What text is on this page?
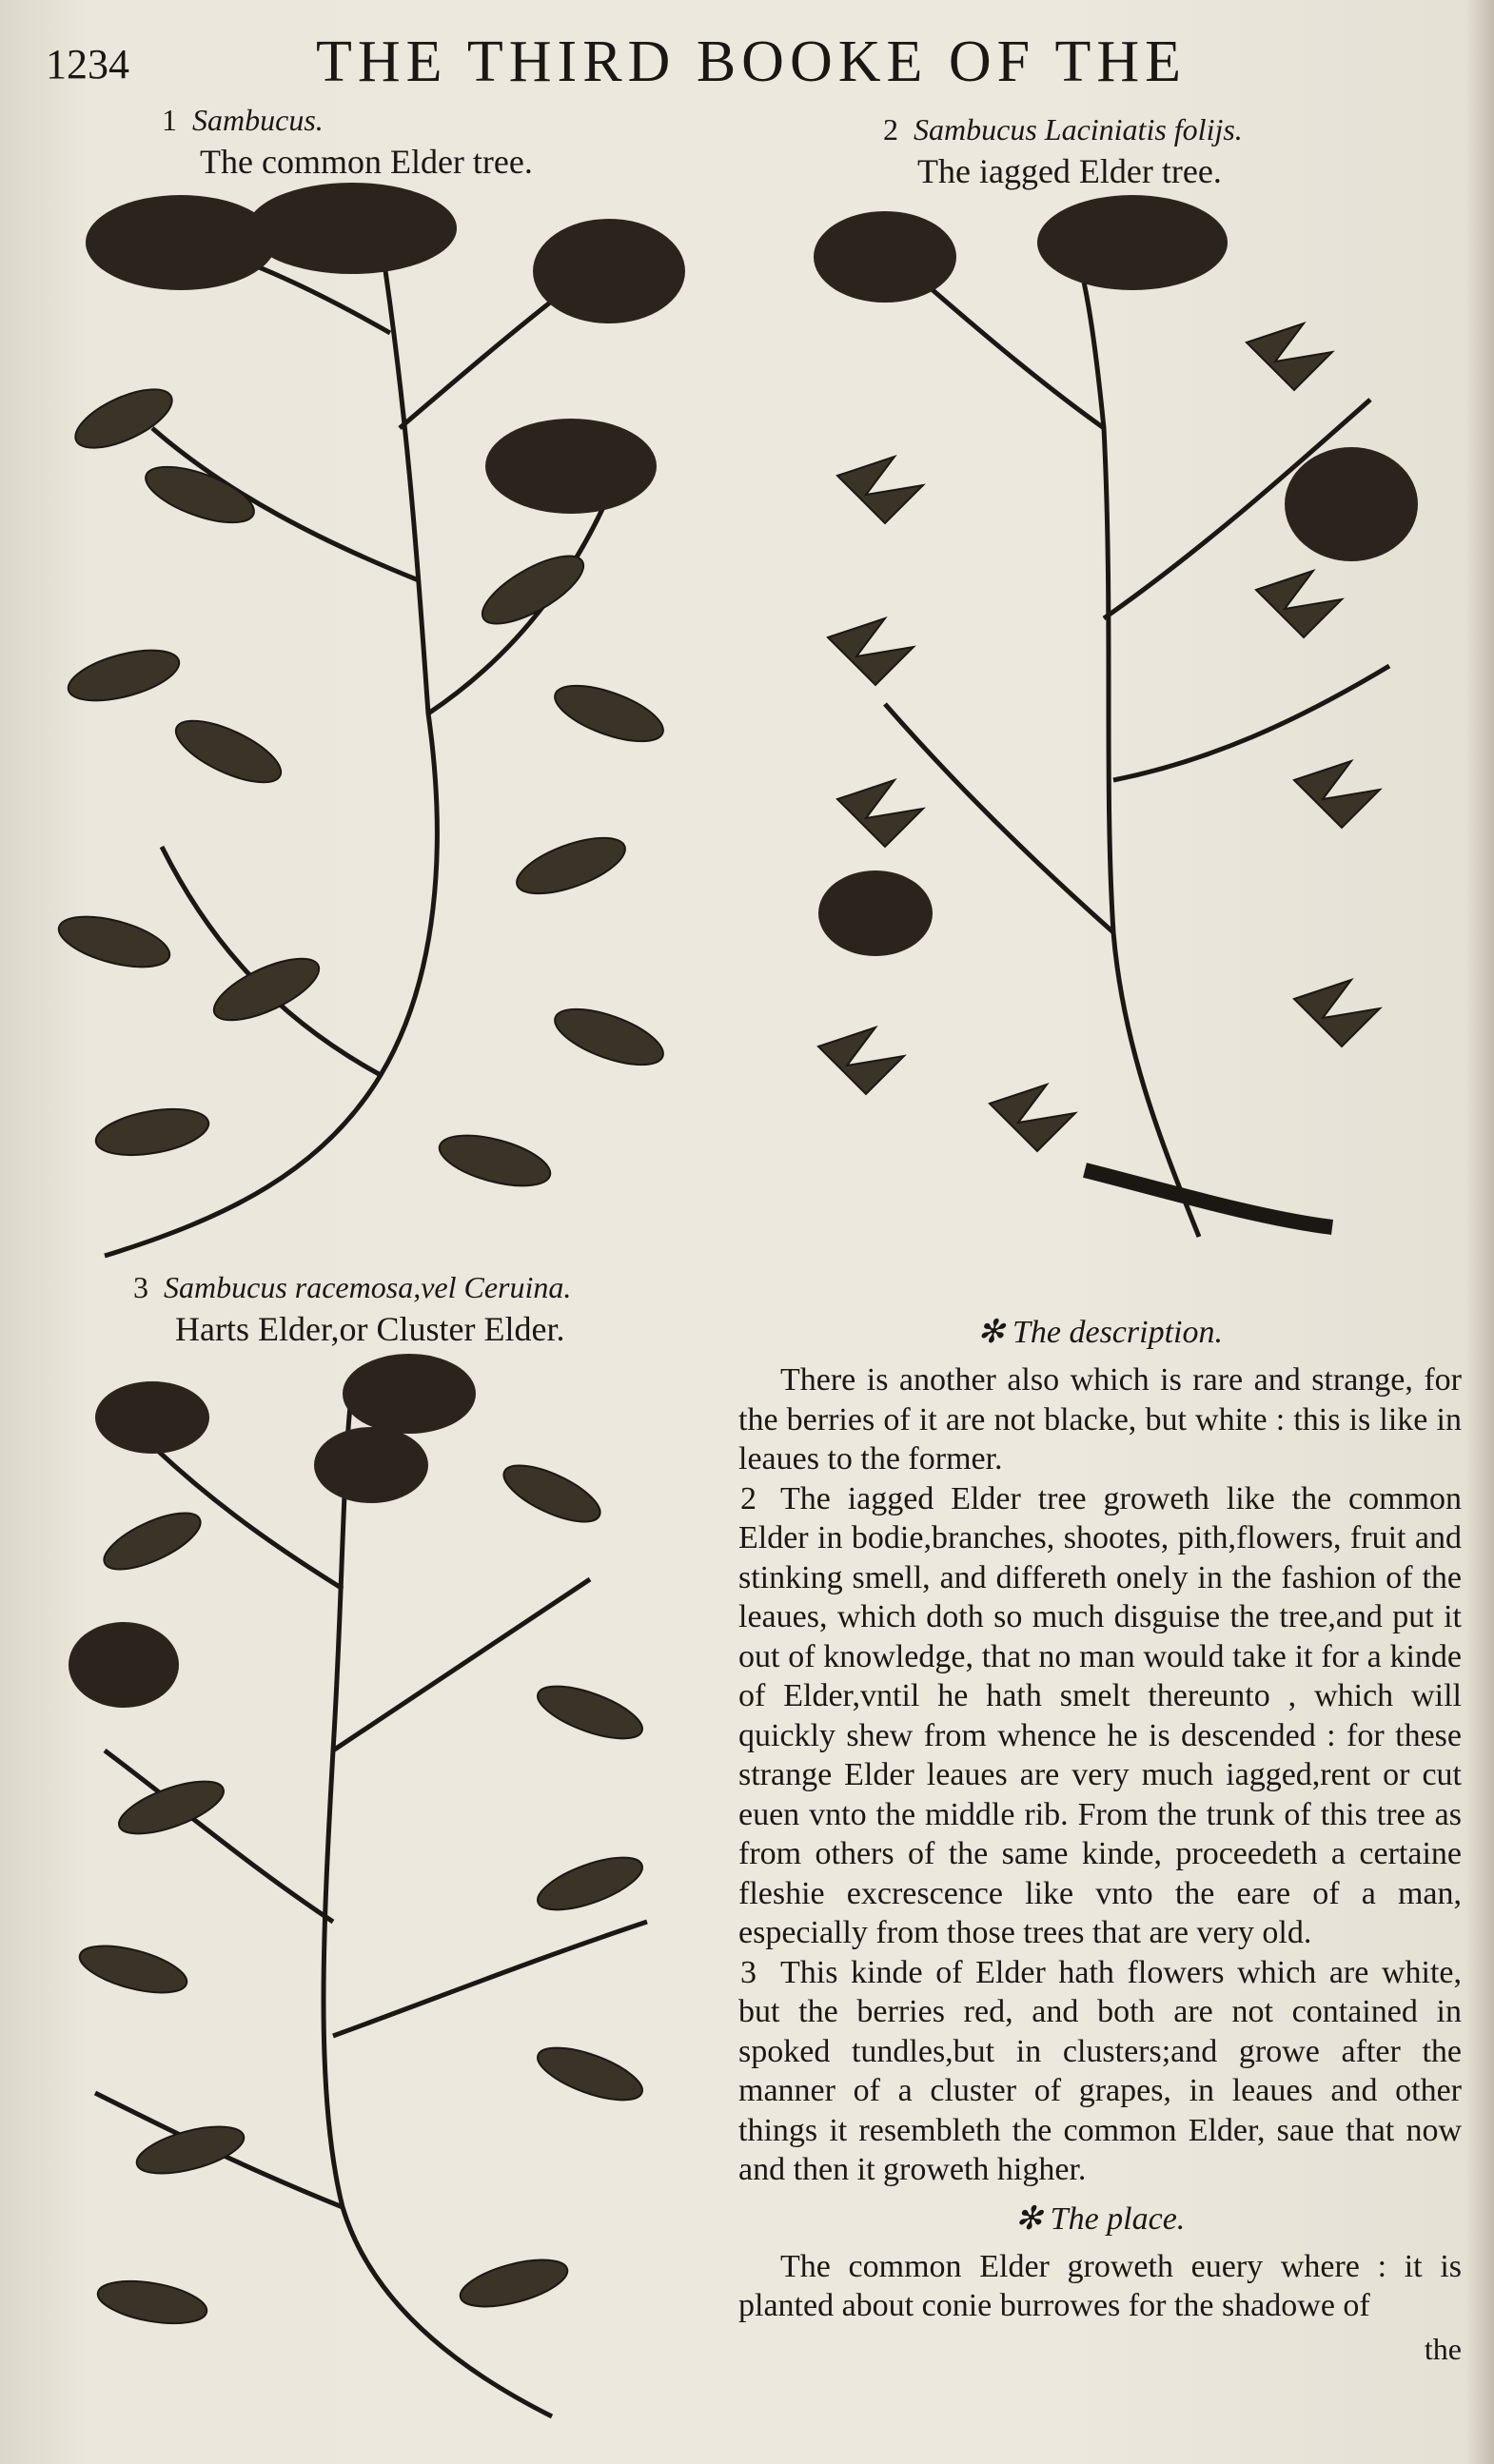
1234	THE THIRD BOOKE OF THE
1 Sambucus.
The common Elder tree.
2 Sambucus Laciniatis folijs.
The iagged Elder tree.
3 Sambucus racemosa,vel Ceruina.
Harts Elder,or Cluster Elder.	✻ The description.

There is another also which is rare and strange, for the berries of it are not blacke, but white : this is like in leaues to the former.

2 The iagged Elder tree groweth like the common Elder in bodie,branches, shootes, pith,flowers, fruit and stinking smell, and differeth onely in the fashion of the leaues, which doth so much disguise the tree,and put it out of knowledge, that no man would take it for a kinde of Elder,vntil he hath smelt thereunto , which will quickly shew from whence he is descended : for these strange Elder leaues are very much iagged,rent or cut euen vnto the middle rib. From the trunk of this tree as from others of the same kinde, proceedeth a certaine fleshie excrescence like vnto the eare of a man, especially from those trees that are very old.

3 This kinde of Elder hath flowers which are white, but the berries red, and both are not contained in spoked tundles,but in clusters;and growe after the manner of a cluster of grapes, in leaues and other things it resembleth the common Elder, saue that now and then it groweth higher.

✻ The place.

The common Elder groweth euery where : it is planted about conie burrowes for the shadowe of

the
